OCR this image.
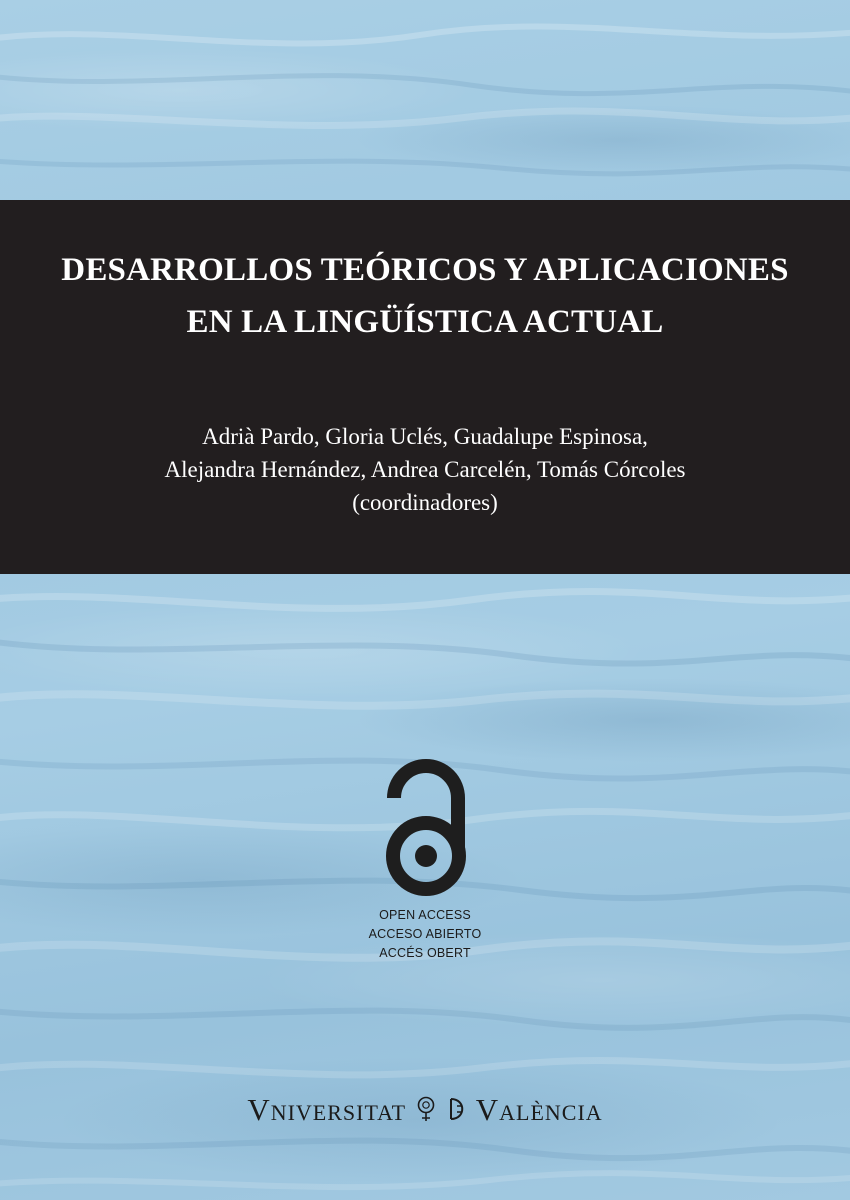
DESARROLLOS TEÓRICOS Y APLICACIONES
EN LA LINGÜÍSTICA ACTUAL
Adrià Pardo, Gloria Uclés, Guadalupe Espinosa,
Alejandra Hernández, Andrea Carcelén, Tomás Córcoles
(coordinadores)
OPEN ACCESS
ACCESO ABIERTO
ACCÉS OBERT
VNIVERSITAT VALÈNCIA
